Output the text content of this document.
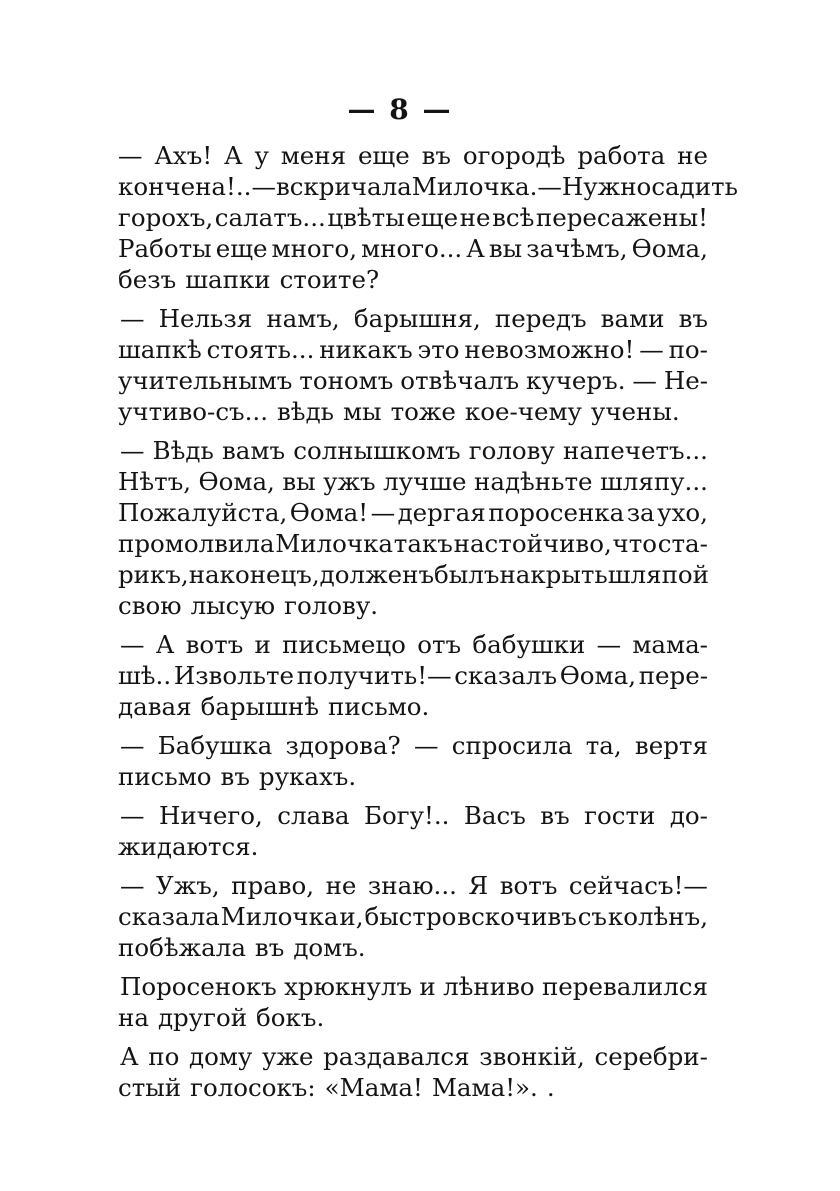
— 8 —
— Ахъ! А у меня еще въ огородѣ работа не
кончена!..—вскричала Милочка.—Нужно садить
горохъ, салатъ... цвѣты еще не всѣ пересажены!
Работы еще много, много... А вы зачѣмъ, Өома,
безъ шапки стоите?
— Нельзя намъ, барышня, передъ вами въ
шапкѣ стоять... никакъ это невозможно! — по-
учительнымъ тономъ отвѣчалъ кучеръ. — Не-
учтиво-съ... вѣдь мы тоже кое-чему учены.
— Вѣдь вамъ солнышкомъ голову напечетъ...
Нѣтъ, Өома, вы ужъ лучше надѣньте шляпу...
Пожалуйста, Өома! — дергая поросенка за ухо,
промолвила Милочка такъ настойчиво, что ста-
рикъ, наконецъ, долженъ былъ накрыть шляпой
свою лысую голову.
— А вотъ и письмецо отъ бабушки — мама-
шѣ.. Извольте получить!— сказалъ Өома, пере-
давая барышнѣ письмо.
— Бабушка здорова? — спросила та, вертя
письмо въ рукахъ.
— Ничего, слава Богу!.. Васъ въ гости до-
жидаются.
— Ужъ, право, не знаю... Я вотъ сейчасъ!—
сказала Милочка и, быстро вскочивъ съ колѣнъ,
побѣжала въ домъ.
Поросенокъ хрюкнулъ и лѣниво перевалился
на другой бокъ.
А по дому уже раздавался звонкій, серебри-
стый голосокъ: «Мама! Мама!». .
